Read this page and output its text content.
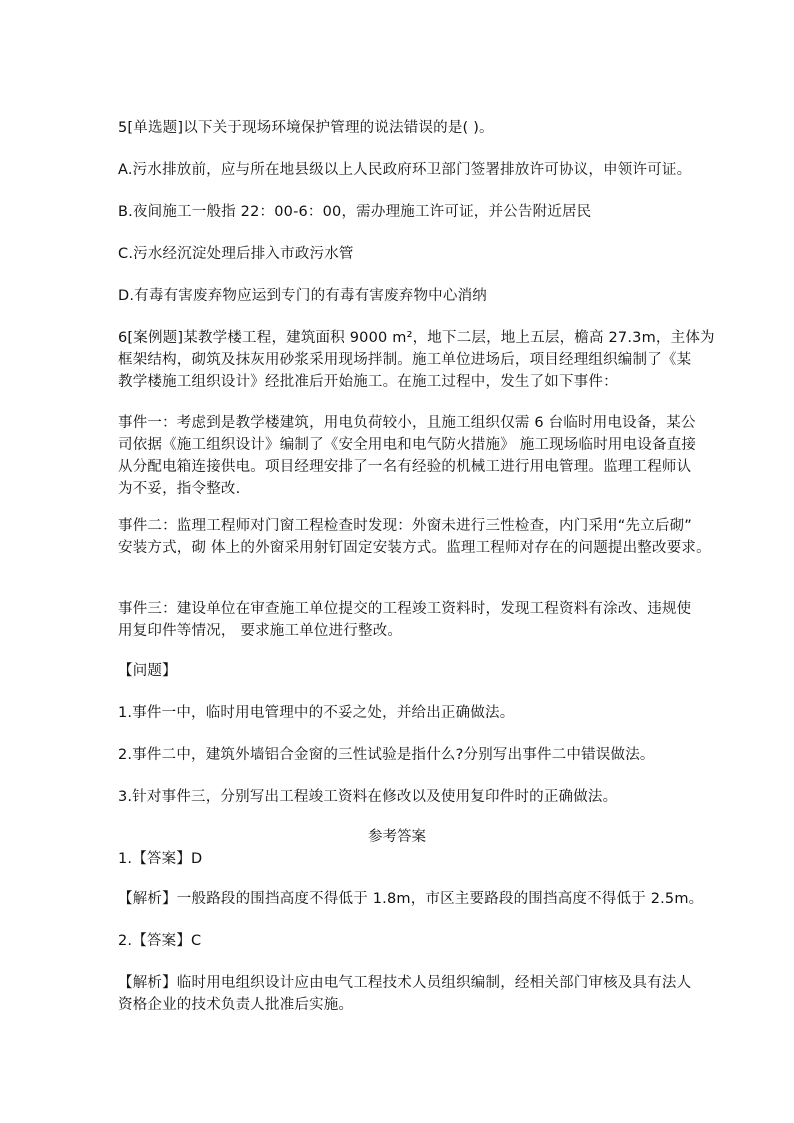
5[单选题]以下关于现场环境保护管理的说法错误的是( )。
A.污水排放前，应与所在地县级以上人民政府环卫部门签署排放许可协议，申领许可证。
B.夜间施工一般指 22：00-6：00，需办理施工许可证，并公告附近居民
C.污水经沉淀处理后排入市政污水管
D.有毒有害废弃物应运到专门的有毒有害废弃物中心消纳
6[案例题]某教学楼工程，建筑面积 9000 m²，地下二层，地上五层，檐高 27.3m，主体为
框架结构，砌筑及抹灰用砂浆采用现场拌制。施工单位进场后，项目经理组织编制了《某
教学楼施工组织设计》经批准后开始施工。在施工过程中，发生了如下事件：
事件一：考虑到是教学楼建筑，用电负荷较小，且施工组织仅需 6 台临时用电设备，某公
司依据《施工组织设计》编制了《安全用电和电气防火措施》 施工现场临时用电设备直接
从分配电箱连接供电。项目经理安排了一名有经验的机械工进行用电管理。监理工程师认
为不妥，指令整改.
事件二：监理工程师对门窗工程检查时发现：外窗未进行三性检查，内门采用“先立后砌”
安装方式，砌 体上的外窗采用射钉固定安装方式。监理工程师对存在的问题提出整改要求。
事件三：建设单位在审查施工单位提交的工程竣工资料时，发现工程资料有涂改、违规使
用复印件等情况， 要求施工单位进行整改。
【问题】
1.事件一中，临时用电管理中的不妥之处，并给出正确做法。
2.事件二中，建筑外墙铝合金窗的三性试验是指什么?分别写出事件二中错误做法。
3.针对事件三，分别写出工程竣工资料在修改以及使用复印件时的正确做法。
参考答案
1.【答案】D
【解析】一般路段的围挡高度不得低于 1.8m，市区主要路段的围挡高度不得低于 2.5m。
2.【答案】C
【解析】临时用电组织设计应由电气工程技术人员组织编制，经相关部门审核及具有法人
资格企业的技术负责人批准后实施。
